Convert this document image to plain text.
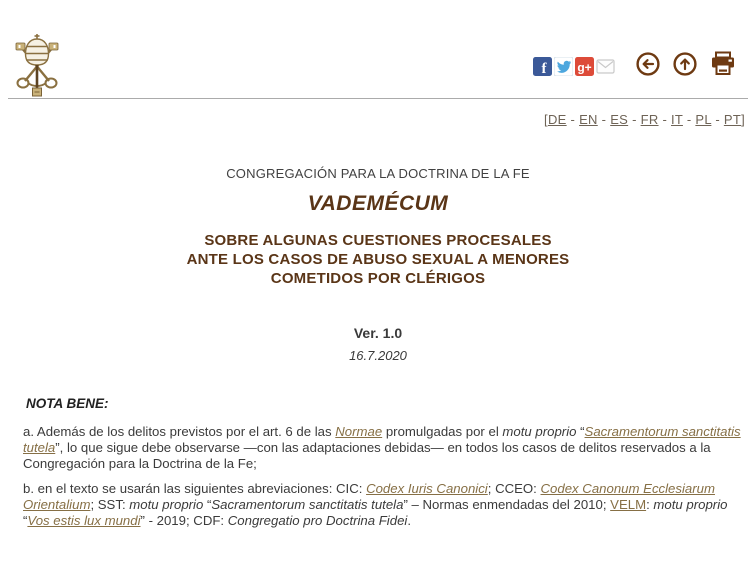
f	g+
[DE - EN - ES - FR - IT - PL - PT]
CONGREGACIÓN PARA LA DOCTRINA DE LA FE
VADEMÉCUM
SOBRE ALGUNAS CUESTIONES PROCESALES
ANTE LOS CASOS DE ABUSO SEXUAL A MENORES
COMETIDOS POR CLÉRIGOS

Ver. 1.0

16.7.2020

NOTA BENE:

a. Además de los delitos previstos por el art. 6 de las Normae promulgadas por el motu proprio “Sacramentorum sanctitatis tutela”, lo que sigue debe observarse —con las adaptaciones debidas— en todos los casos de delitos reservados a la Congregación para la Doctrina de la Fe;

b. en el texto se usarán las siguientes abreviaciones: CIC: Codex Iuris Canonici; CCEO: Codex Canonum Ecclesiarum Orientalium; SST: motu proprio “Sacramentorum sanctitatis tutela” – Normas enmendadas del 2010; VELM: motu proprio “Vos estis lux mundi” - 2019; CDF: Congregatio pro Doctrina Fidei.
